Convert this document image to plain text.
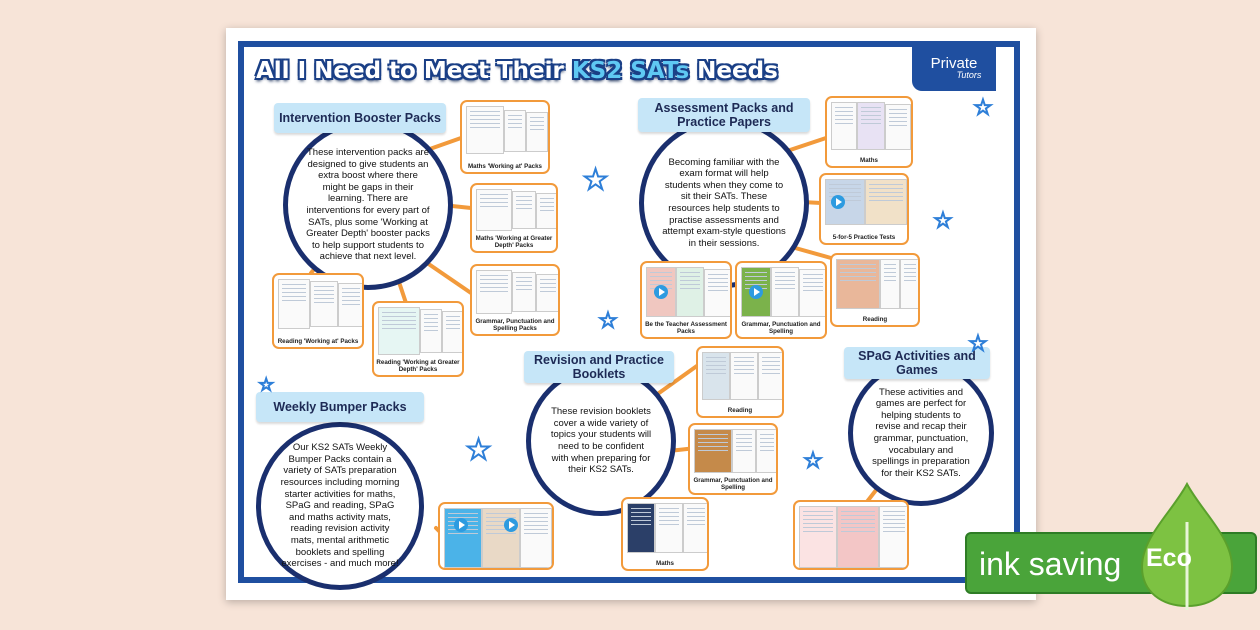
All I Need to Meet Their KS2 SATs Needs	Private
Tutors
These intervention packs are designed to give students an extra boost where there might be gaps in their learning. There are interventions for every part of SATs, plus some 'Working at Greater Depth' booster packs to help support students to achieve that next level.
Intervention Booster Packs
Maths 'Working at' Packs
Maths 'Working at Greater Depth' Packs
Grammar, Punctuation and Spelling Packs
Reading 'Working at' Packs
Reading 'Working at Greater Depth' Packs
Becoming familiar with the exam format will help students when they come to sit their SATs. These resources help students to practise assessments and attempt exam-style questions in their sessions.
Assessment Packs and Practice Papers
Maths
5-for-5 Practice Tests
Reading
Be the Teacher Assessment Packs
Grammar, Punctuation and Spelling
Our KS2 SATs Weekly Bumper Packs contain a variety of SATs preparation resources including morning starter activities for maths, SPaG and reading, SPaG and maths activity mats, reading revision activity mats, mental arithmetic booklets and spelling exercises - and much more!
Weekly Bumper Packs	These revision booklets cover a wide variety of topics your students will need to be confident with when preparing for their KS2 SATs.
Revision and Practice Booklets
Reading
Grammar, Punctuation and Spelling
Maths
These activities and games are perfect for helping students to revise and recap their grammar, punctuation, vocabulary and spellings in preparation for their KS2 SATs.
SPaG Activities and Games
★
★
★
★
★
★	★
★
ink saving Eco
